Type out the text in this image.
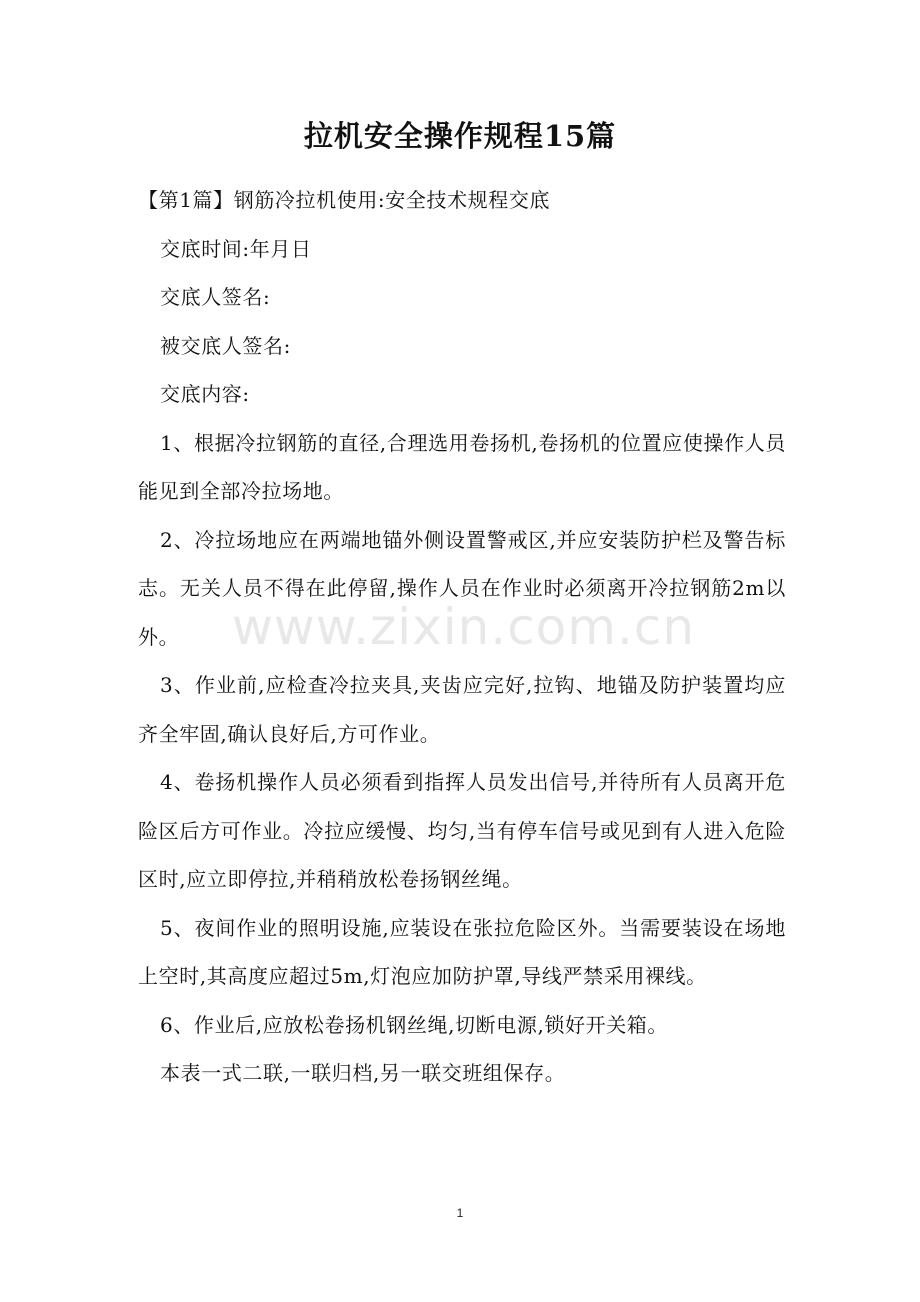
拉机安全操作规程15篇

【第1篇】钢筋冷拉机使用:安全技术规程交底

交底时间:年月日

交底人签名:

被交底人签名:

交底内容:

1、根据冷拉钢筋的直径,合理选用卷扬机,卷扬机的位置应使操作人员能见到全部冷拉场地。

2、冷拉场地应在两端地锚外侧设置警戒区,并应安装防护栏及警告标志。无关人员不得在此停留,操作人员在作业时必须离开冷拉钢筋2m以外。

3、作业前,应检查冷拉夹具,夹齿应完好,拉钩、地锚及防护装置均应齐全牢固,确认良好后,方可作业。

4、卷扬机操作人员必须看到指挥人员发出信号,并待所有人员离开危险区后方可作业。冷拉应缓慢、均匀,当有停车信号或见到有人进入危险区时,应立即停拉,并稍稍放松卷扬钢丝绳。

5、夜间作业的照明设施,应装设在张拉危险区外。当需要装设在场地上空时,其高度应超过5m,灯泡应加防护罩,导线严禁采用裸线。

6、作业后,应放松卷扬机钢丝绳,切断电源,锁好开关箱。

本表一式二联,一联归档,另一联交班组保存。

www.zixin.com.cn
1
